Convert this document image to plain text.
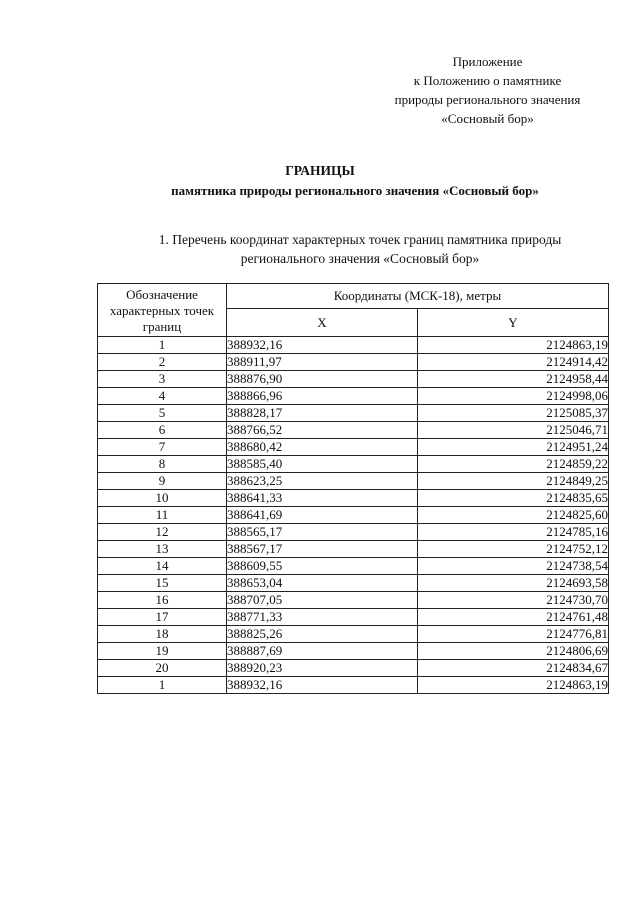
Приложение
к Положению о памятнике
природы регионального значения
«Сосновый бор»
ГРАНИЦЫ
памятника природы регионального значения «Сосновый бор»
1. Перечень координат характерных точек границ памятника природы
регионального значения «Сосновый бор»
Обозначение характерных точек границ	Координаты (МСК-18), метры	
	X	Y
1	388932,16	2124863,19
2	388911,97	2124914,42
3	388876,90	2124958,44
4	388866,96	2124998,06
5	388828,17	2125085,37
6	388766,52	2125046,71
7	388680,42	2124951,24
8	388585,40	2124859,22
9	388623,25	2124849,25
10	388641,33	2124835,65
11	388641,69	2124825,60
12	388565,17	2124785,16
13	388567,17	2124752,12
14	388609,55	2124738,54
15	388653,04	2124693,58
16	388707,05	2124730,70
17	388771,33	2124761,48
18	388825,26	2124776,81
19	388887,69	2124806,69
20	388920,23	2124834,67
1	388932,16	2124863,19
